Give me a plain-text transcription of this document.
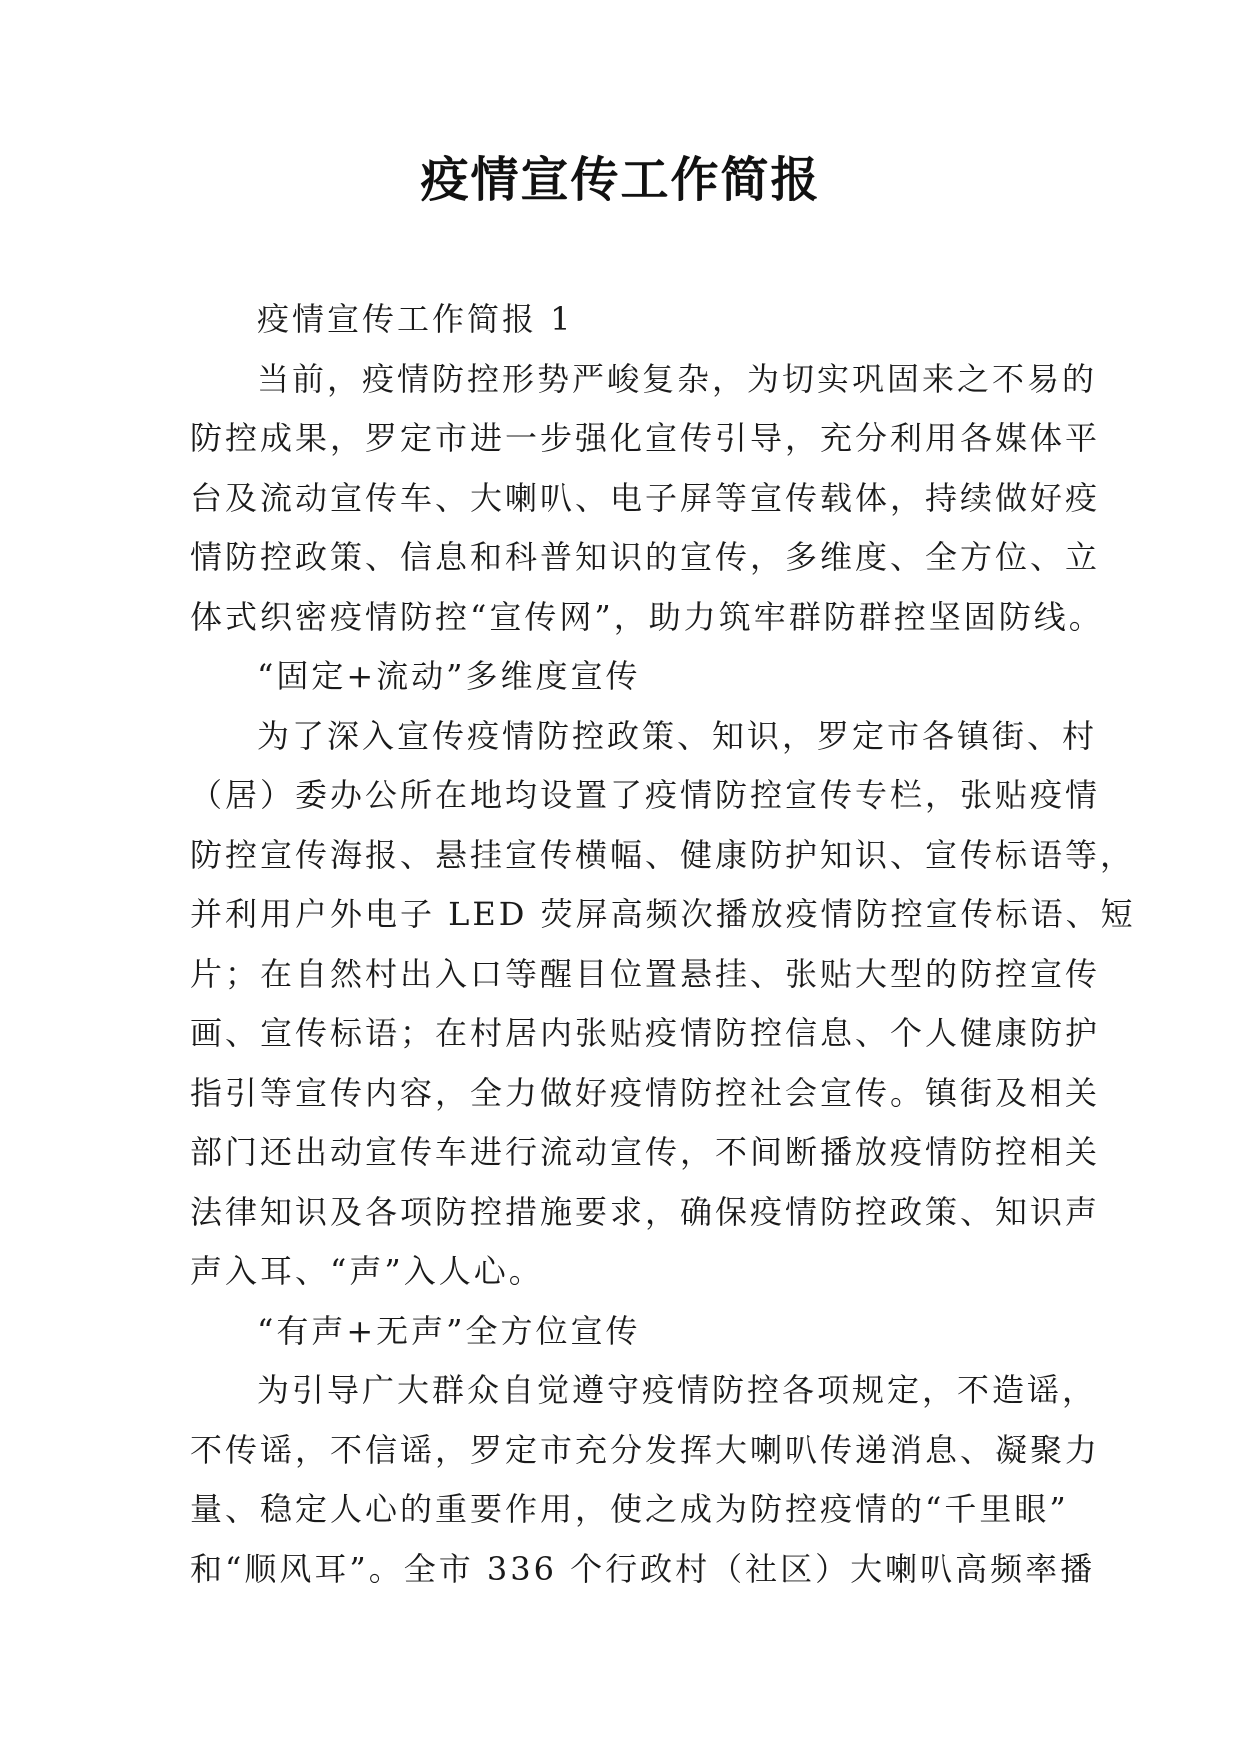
疫情宣传工作简报
疫情宣传工作简报 1
当前，疫情防控形势严峻复杂，为切实巩固来之不易的
防控成果，罗定市进一步强化宣传引导，充分利用各媒体平
台及流动宣传车、大喇叭、电子屏等宣传载体，持续做好疫
情防控政策、信息和科普知识的宣传，多维度、全方位、立
体式织密疫情防控“宣传网”，助力筑牢群防群控坚固防线。
“固定+流动”多维度宣传
为了深入宣传疫情防控政策、知识，罗定市各镇街、村
（居）委办公所在地均设置了疫情防控宣传专栏，张贴疫情
防控宣传海报、悬挂宣传横幅、健康防护知识、宣传标语等，
并利用户外电子 LED 荧屏高频次播放疫情防控宣传标语、短
片；在自然村出入口等醒目位置悬挂、张贴大型的防控宣传
画、宣传标语；在村居内张贴疫情防控信息、个人健康防护
指引等宣传内容，全力做好疫情防控社会宣传。镇街及相关
部门还出动宣传车进行流动宣传，不间断播放疫情防控相关
法律知识及各项防控措施要求，确保疫情防控政策、知识声
声入耳、“声”入人心。
“有声+无声”全方位宣传
为引导广大群众自觉遵守疫情防控各项规定，不造谣，
不传谣，不信谣，罗定市充分发挥大喇叭传递消息、凝聚力
量、稳定人心的重要作用，使之成为防控疫情的“千里眼”
和“顺风耳”。全市 336 个行政村（社区）大喇叭高频率播
